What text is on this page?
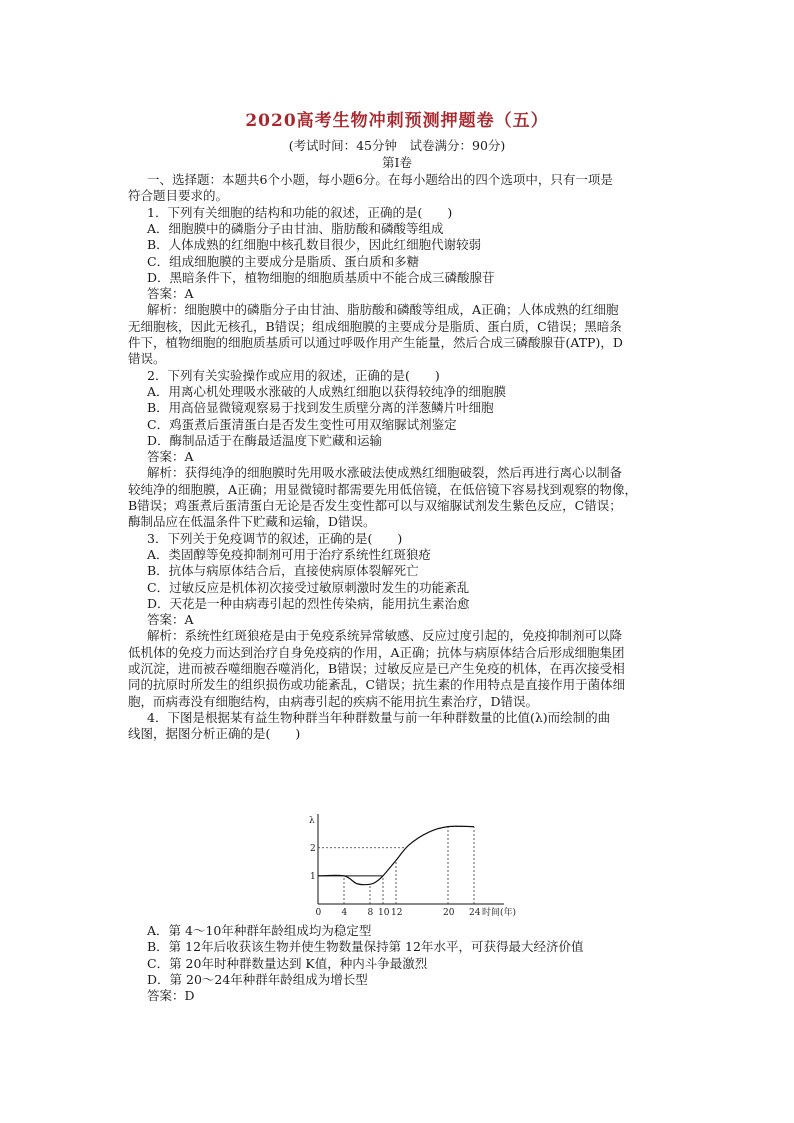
2020高考生物冲刺预测押题卷（五）
(考试时间：45分钟　试卷满分：90分)
第Ⅰ卷
一、选择题：本题共6个小题，每小题6分。在每小题给出的四个选项中，只有一项是
符合题目要求的。
1．下列有关细胞的结构和功能的叙述，正确的是(　　)
A．细胞膜中的磷脂分子由甘油、脂肪酸和磷酸等组成
B．人体成熟的红细胞中核孔数目很少，因此红细胞代谢较弱
C．组成细胞膜的主要成分是脂质、蛋白质和多糖
D．黑暗条件下，植物细胞的细胞质基质中不能合成三磷酸腺苷
答案：A
解析：细胞膜中的磷脂分子由甘油、脂肪酸和磷酸等组成，A正确；人体成熟的红细胞
无细胞核，因此无核孔，B错误；组成细胞膜的主要成分是脂质、蛋白质，C错误；黑暗条
件下，植物细胞的细胞质基质可以通过呼吸作用产生能量，然后合成三磷酸腺苷(ATP)，D
错误。
2．下列有关实验操作或应用的叙述，正确的是(　　)
A．用离心机处理吸水涨破的人成熟红细胞以获得较纯净的细胞膜
B．用高倍显微镜观察易于找到发生质壁分离的洋葱鳞片叶细胞
C．鸡蛋煮后蛋清蛋白是否发生变性可用双缩脲试剂鉴定
D．酶制品适于在酶最适温度下贮藏和运输
答案：A
解析：获得纯净的细胞膜时先用吸水涨破法使成熟红细胞破裂，然后再进行离心以制备
较纯净的细胞膜，A正确；用显微镜时都需要先用低倍镜，在低倍镜下容易找到观察的物像，
B错误；鸡蛋煮后蛋清蛋白无论是否发生变性都可以与双缩脲试剂发生紫色反应，C错误；
酶制品应在低温条件下贮藏和运输，D错误。
3．下列关于免疫调节的叙述，正确的是(　　)
A．类固醇等免疫抑制剂可用于治疗系统性红斑狼疮
B．抗体与病原体结合后，直接使病原体裂解死亡
C．过敏反应是机体初次接受过敏原刺激时发生的功能紊乱
D．天花是一种由病毒引起的烈性传染病，能用抗生素治愈
答案：A
解析：系统性红斑狼疮是由于免疫系统异常敏感、反应过度引起的，免疫抑制剂可以降
低机体的免疫力而达到治疗自身免疫病的作用，A正确；抗体与病原体结合后形成细胞集团
或沉淀，进而被吞噬细胞吞噬消化，B错误；过敏反应是已产生免疫的机体，在再次接受相
同的抗原时所发生的组织损伤或功能紊乱，C错误；抗生素的作用特点是直接作用于菌体细
胞，而病毒没有细胞结构，由病毒引起的疾病不能用抗生素治疗，D错误。
4．下图是根据某有益生物种群当年种群数量与前一年种群数量的比值(λ)而绘制的曲
线图，据图分析正确的是(　　)
A．第 4～10年种群年龄组成均为稳定型
B．第 12年后收获该生物并使生物数量保持第 12年水平，可获得最大经济价值
C．第 20年时种群数量达到 K值，种内斗争最激烈
D．第 20～24年种群年龄组成为增长型
答案：D
λ
1
2
0 4 8 10 12	20 24 时间(年)
